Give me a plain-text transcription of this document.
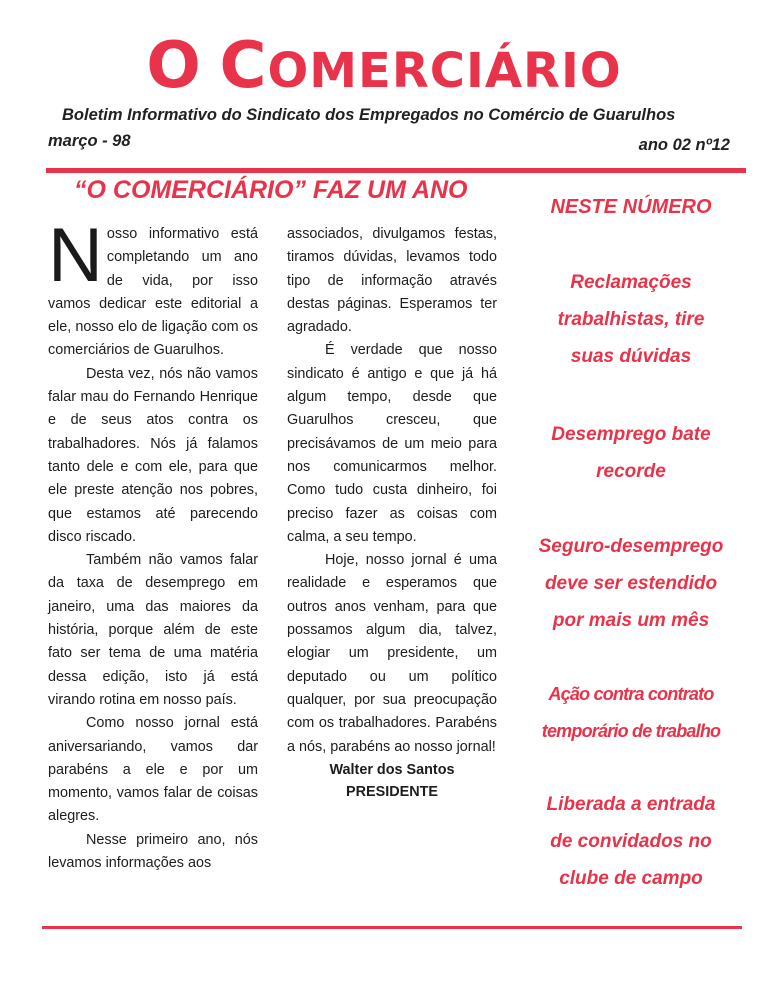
O COMERCIÁRIO
Boletim Informativo do Sindicato dos Empregados no Comércio de Guarulhos
março - 98	ano 02 nº12
“O COMERCIÁRIO” FAZ UM ANO

Nosso informativo está completando um ano de vida, por isso vamos dedicar este editorial a ele, nosso elo de ligação com os comerciários de Guarulhos.

Desta vez, nós não vamos falar mau do Fernando Henrique e de seus atos contra os trabalhadores. Nós já falamos tanto dele e com ele, para que ele preste atenção nos pobres, que estamos até parecendo disco riscado.

Também não vamos falar da taxa de desemprego em janeiro, uma das maiores da história, porque além de este fato ser tema de uma matéria dessa edição, isto já está virando rotina em nosso país.

Como nosso jornal está aniversariando, vamos dar parabéns a ele e por um momento, vamos falar de coisas alegres.

Nesse primeiro ano, nós levamos informações aos

associados, divulgamos festas, tiramos dúvidas, levamos todo tipo de informação através destas páginas. Esperamos ter agradado.

É verdade que nosso sindicato é antigo e que já há algum tempo, desde que Guarulhos cresceu, que precisávamos de um meio para nos comunicarmos melhor. Como tudo custa dinheiro, foi preciso fazer as coisas com calma, a seu tempo.

Hoje, nosso jornal é uma realidade e esperamos que outros anos venham, para que possamos algum dia, talvez, elogiar um presidente, um deputado ou um político qualquer, por sua preocupação com os trabalhadores. Parabéns a nós, parabéns ao nosso jornal!

Walter dos Santos

PRESIDENTE

NESTE NÚMERO
Reclamações
trabalhistas, tire
suas dúvidas
Desemprego bate
recorde
Seguro-desemprego
deve ser estendido
por mais um mês
Ação contra contrato
temporário de trabalho
Liberada a entrada
de convidados no
clube de campo
